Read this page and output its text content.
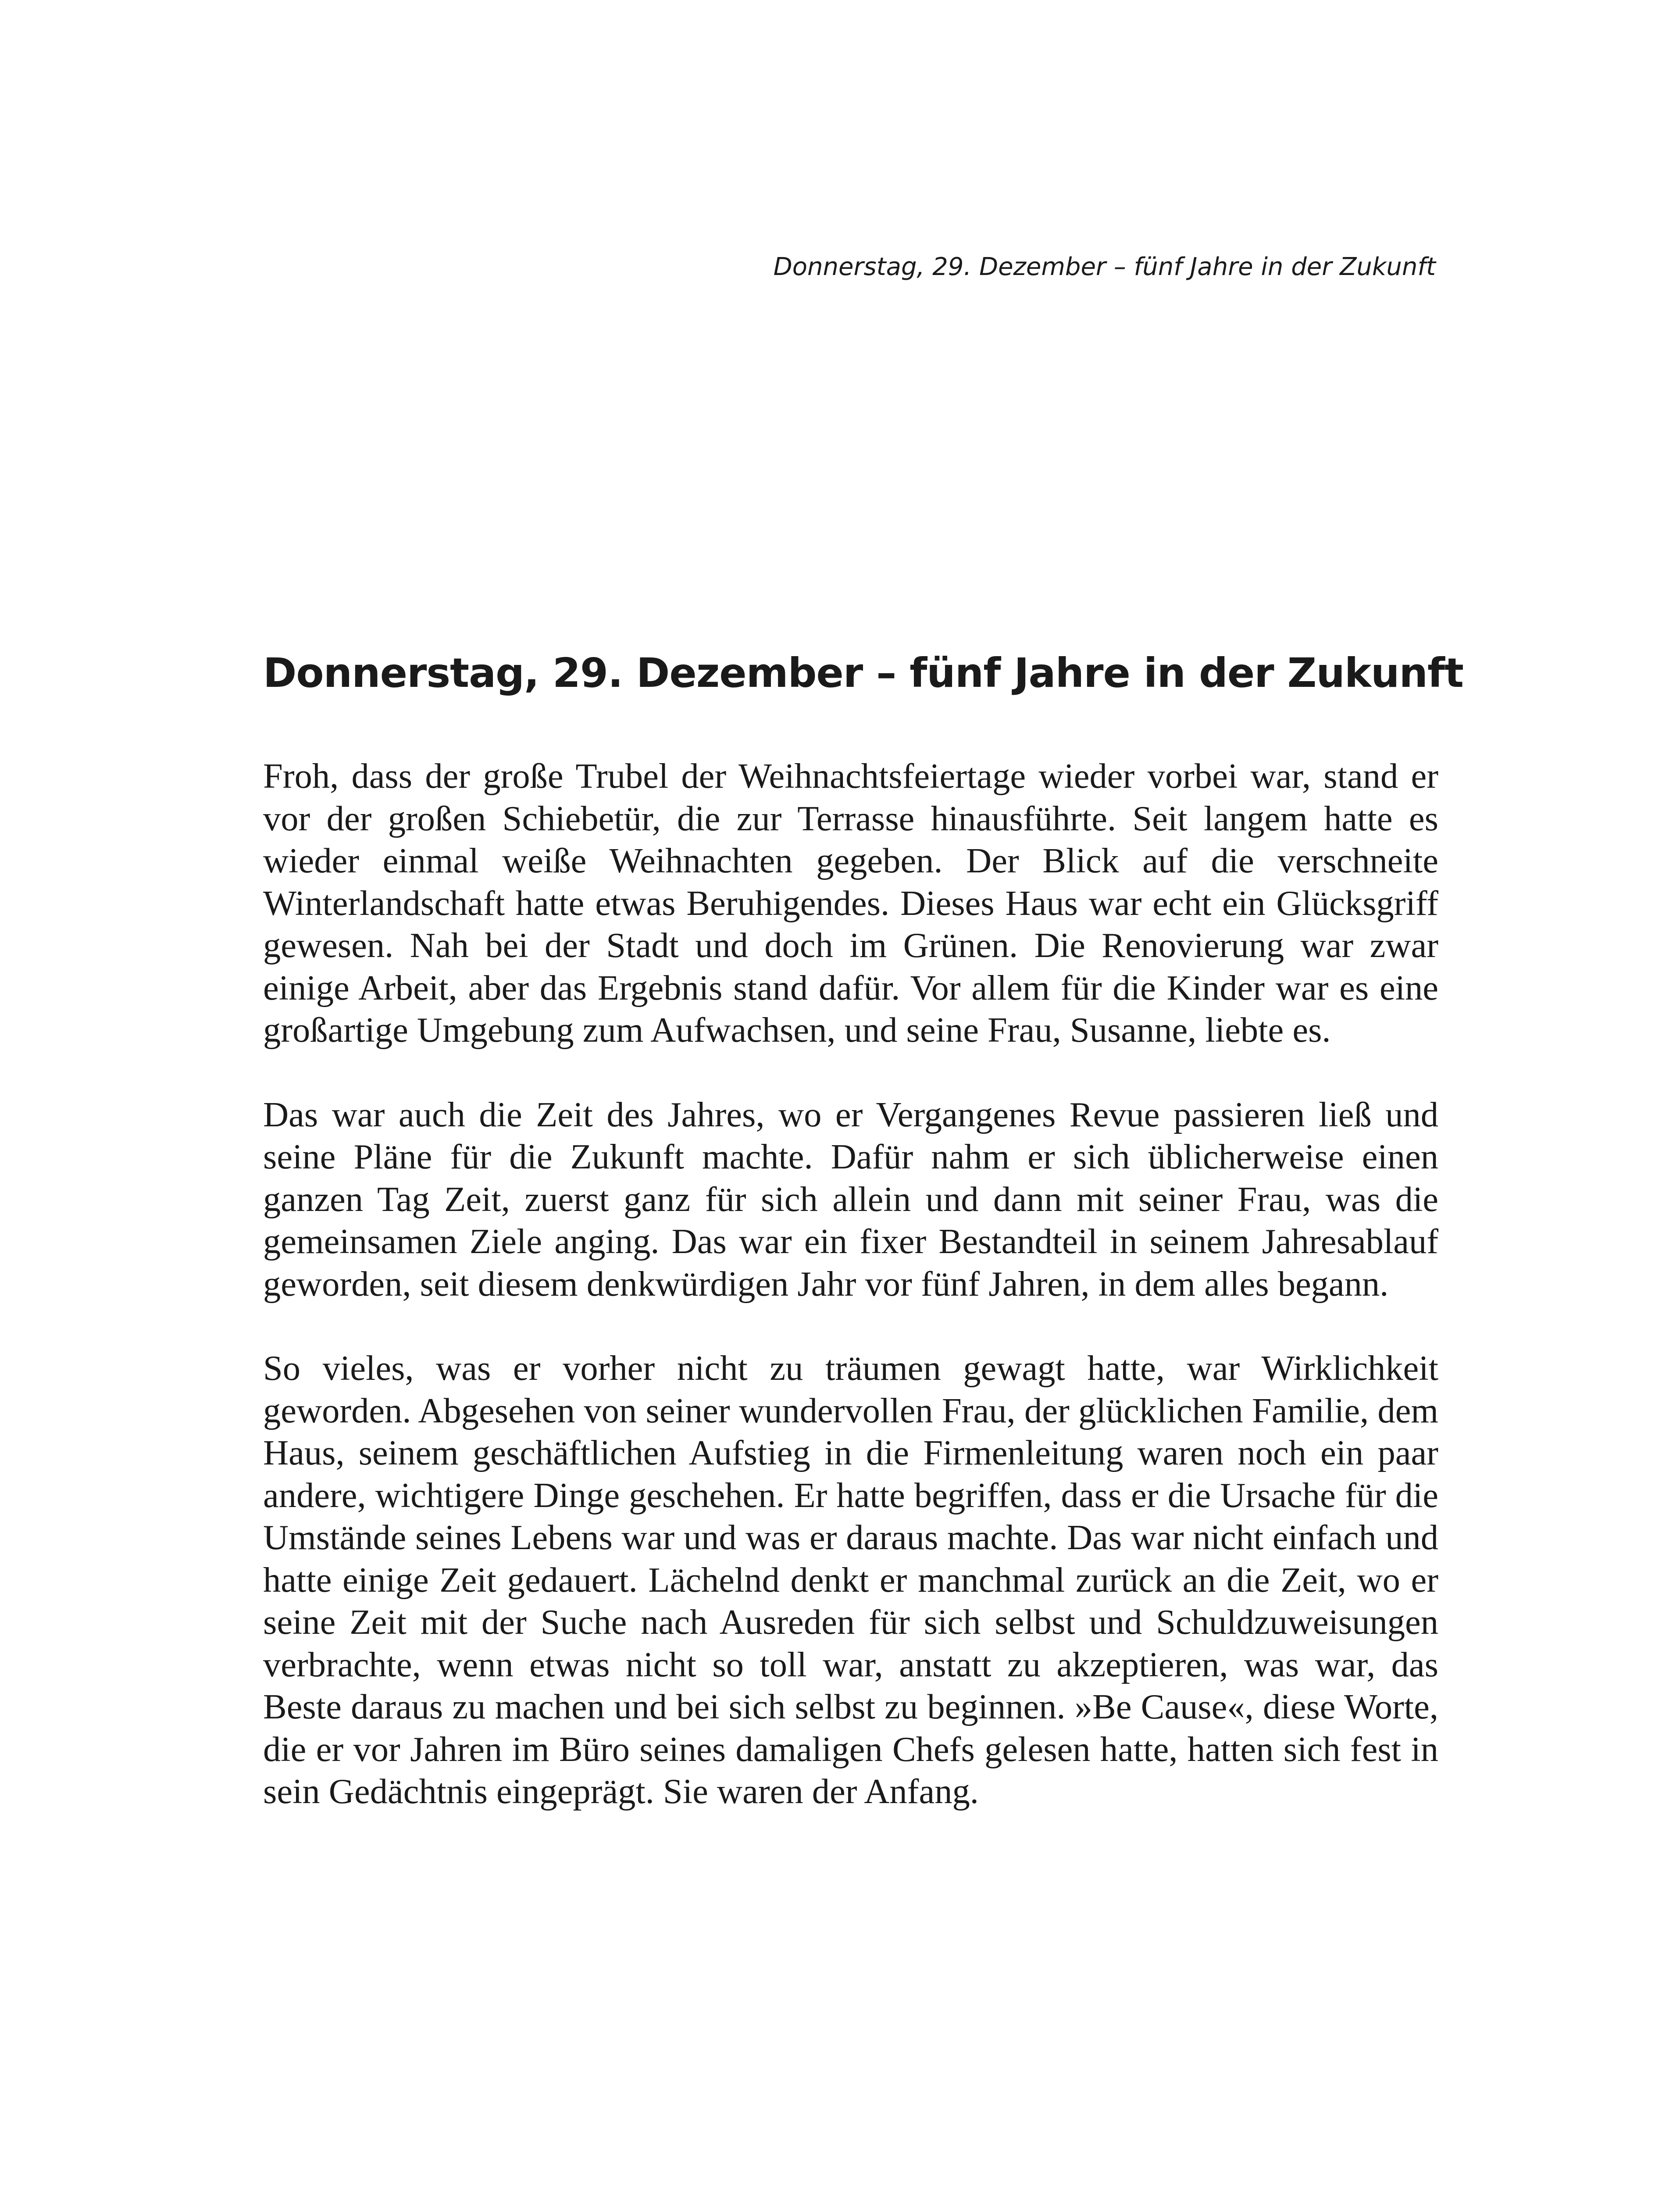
Donnerstag, 29. Dezember – fünf Jahre in der Zukunft
Donnerstag, 29. Dezember – fünf Jahre in der Zukunft

Froh, dass der große Trubel der Weihnachtsfeiertage wieder vorbei war, stand er vor der großen Schiebetür, die zur Terrasse hinausführte. Seit langem hatte es wieder einmal weiße Weihnachten gegeben. Der Blick auf die verschneite Winterlandschaft hatte etwas Beruhigendes. Dieses Haus war echt ein Glücksgriff gewesen. Nah bei der Stadt und doch im Grünen. Die Renovierung war zwar einige Arbeit, aber das Ergebnis stand dafür. Vor allem für die Kinder war es eine großartige Umgebung zum Aufwachsen, und seine Frau, Susanne, liebte es.

Das war auch die Zeit des Jahres, wo er Vergangenes Revue passieren ließ und seine Pläne für die Zukunft machte. Dafür nahm er sich üblicherweise einen ganzen Tag Zeit, zuerst ganz für sich allein und dann mit seiner Frau, was die gemeinsamen Ziele anging. Das war ein fixer Bestandteil in seinem Jahresablauf geworden, seit diesem denkwürdigen Jahr vor fünf Jahren, in dem alles begann.

So vieles, was er vorher nicht zu träumen gewagt hatte, war Wirklichkeit geworden. Abgesehen von seiner wundervollen Frau, der glücklichen Familie, dem Haus, seinem geschäftlichen Aufstieg in die Firmenleitung waren noch ein paar andere, wichtigere Dinge geschehen. Er hatte begriffen, dass er die Ursache für die Umstände seines Lebens war und was er daraus machte. Das war nicht einfach und hatte einige Zeit gedauert. Lächelnd denkt er manchmal zurück an die Zeit, wo er seine Zeit mit der Suche nach Ausreden für sich selbst und Schuldzuweisungen verbrachte, wenn etwas nicht so toll war, anstatt zu akzeptieren, was war, das Beste daraus zu machen und bei sich selbst zu beginnen. »Be Cause«, diese Worte, die er vor Jahren im Büro seines damaligen Chefs gelesen hatte, hatten sich fest in sein Gedächtnis eingeprägt. Sie waren der Anfang.
